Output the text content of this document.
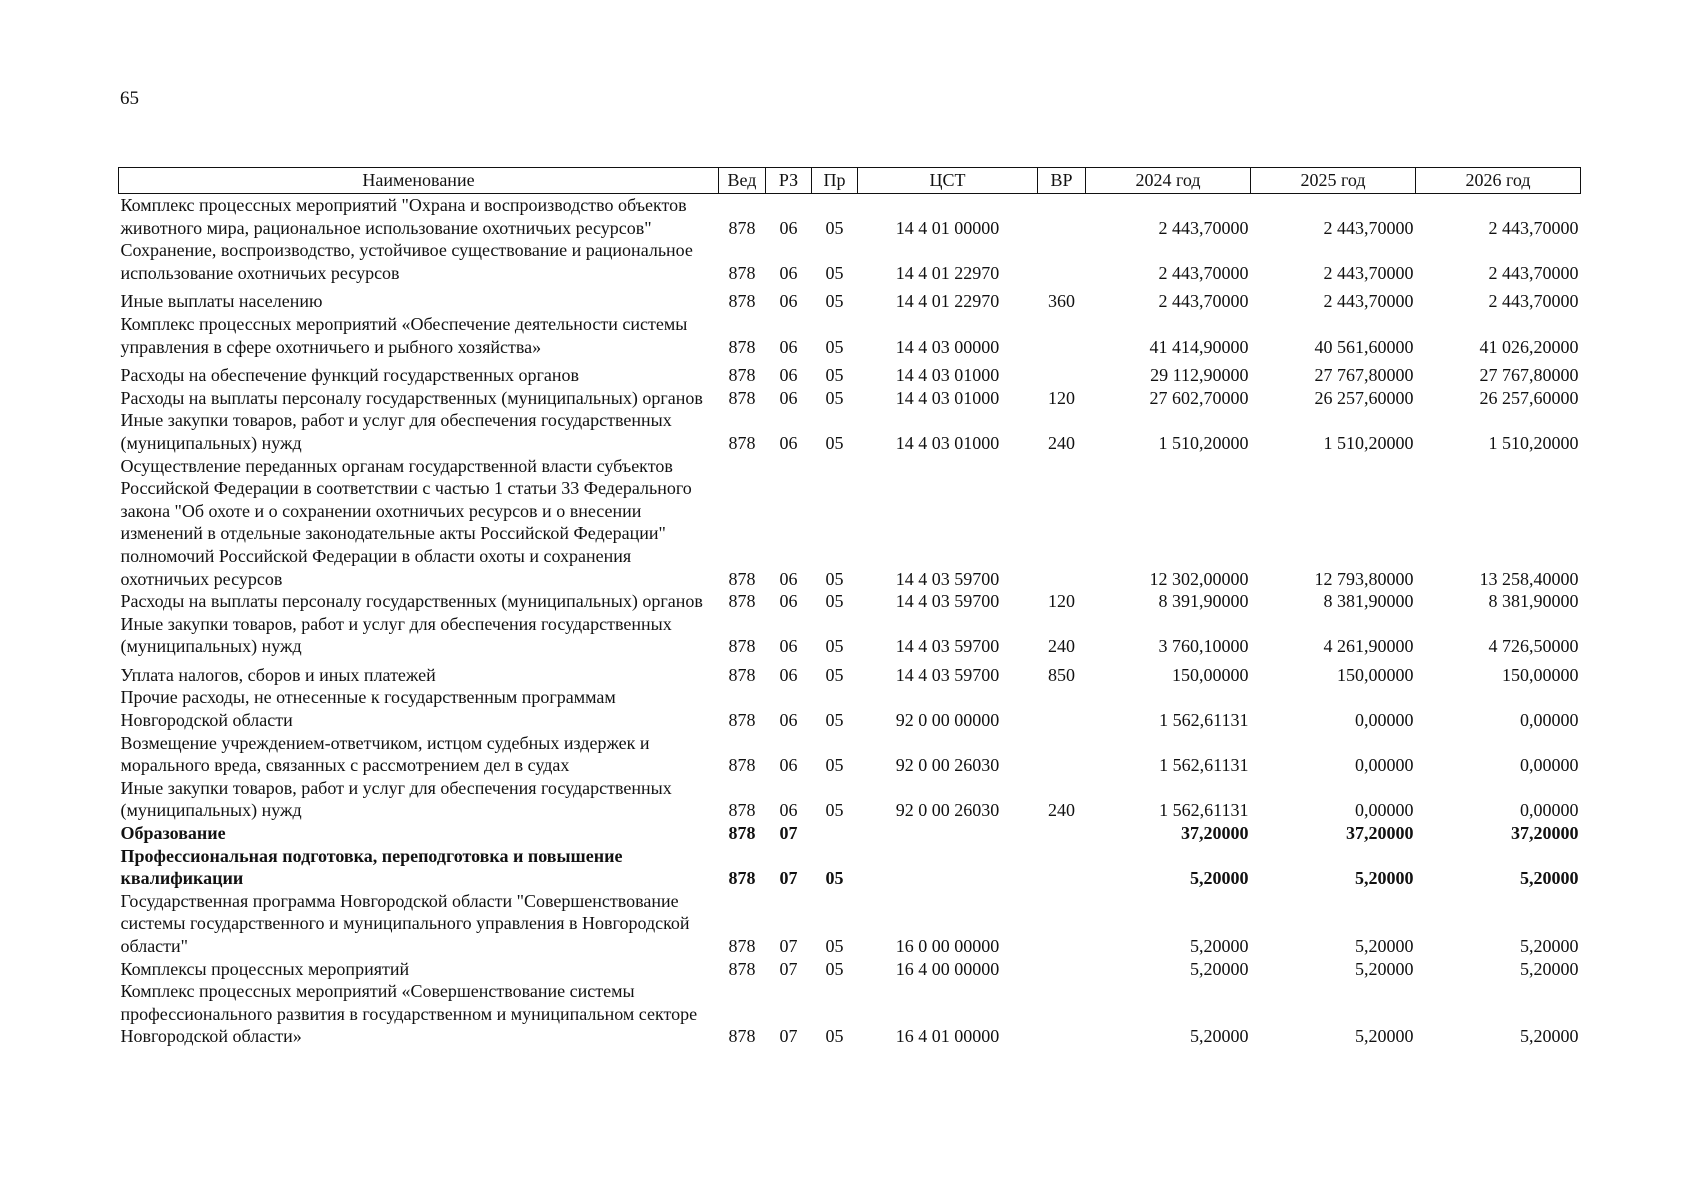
65
Наименование	Вед	РЗ	Пр	ЦСТ	ВР	2024 год	2025 год	2026 год
Комплекс процессных мероприятий "Охрана и воспроизводство объектов животного мира, рациональное использование охотничьих ресурсов"	878	06	05	14 4 01 00000		2 443,70000	2 443,70000	2 443,70000
Сохранение, воспроизводство, устойчивое существование и рациональное использование охотничьих ресурсов	878	06	05	14 4 01 22970		2 443,70000	2 443,70000	2 443,70000
Иные выплаты населению	878	06	05	14 4 01 22970	360	2 443,70000	2 443,70000	2 443,70000
Комплекс процессных мероприятий «Обеспечение деятельности системы управления в сфере охотничьего и рыбного хозяйства»	878	06	05	14 4 03 00000		41 414,90000	40 561,60000	41 026,20000
Расходы на обеспечение функций государственных органов	878	06	05	14 4 03 01000		29 112,90000	27 767,80000	27 767,80000
Расходы на выплаты персоналу государственных (муниципальных) органов	878	06	05	14 4 03 01000	120	27 602,70000	26 257,60000	26 257,60000
Иные закупки товаров, работ и услуг для обеспечения государственных (муниципальных) нужд	878	06	05	14 4 03 01000	240	1 510,20000	1 510,20000	1 510,20000
Осуществление переданных органам государственной власти субъектов Российской Федерации в соответствии с частью 1 статьи 33 Федерального закона "Об охоте и о сохранении охотничьих ресурсов и о внесении изменений в отдельные законодательные акты Российской Федерации" полномочий Российской Федерации в области охоты и сохранения охотничьих ресурсов	878	06	05	14 4 03 59700		12 302,00000	12 793,80000	13 258,40000
Расходы на выплаты персоналу государственных (муниципальных) органов	878	06	05	14 4 03 59700	120	8 391,90000	8 381,90000	8 381,90000
Иные закупки товаров, работ и услуг для обеспечения государственных (муниципальных) нужд	878	06	05	14 4 03 59700	240	3 760,10000	4 261,90000	4 726,50000
Уплата налогов, сборов и иных платежей	878	06	05	14 4 03 59700	850	150,00000	150,00000	150,00000
Прочие расходы, не отнесенные к государственным программам Новгородской области	878	06	05	92 0 00 00000		1 562,61131	0,00000	0,00000
Возмещение учреждением-ответчиком, истцом судебных издержек и морального вреда, связанных с рассмотрением дел в судах	878	06	05	92 0 00 26030		1 562,61131	0,00000	0,00000
Иные закупки товаров, работ и услуг для обеспечения государственных (муниципальных) нужд	878	06	05	92 0 00 26030	240	1 562,61131	0,00000	0,00000
Образование	878	07				37,20000	37,20000	37,20000
Профессиональная подготовка, переподготовка и повышение квалификации	878	07	05			5,20000	5,20000	5,20000
Государственная программа Новгородской области "Совершенствование системы государственного и муниципального управления в Новгородской области"	878	07	05	16 0 00 00000		5,20000	5,20000	5,20000
Комплексы процессных мероприятий	878	07	05	16 4 00 00000		5,20000	5,20000	5,20000
Комплекс процессных мероприятий «Совершенствование системы профессионального развития в государственном и муниципальном секторе Новгородской области»	878	07	05	16 4 01 00000		5,20000	5,20000	5,20000
